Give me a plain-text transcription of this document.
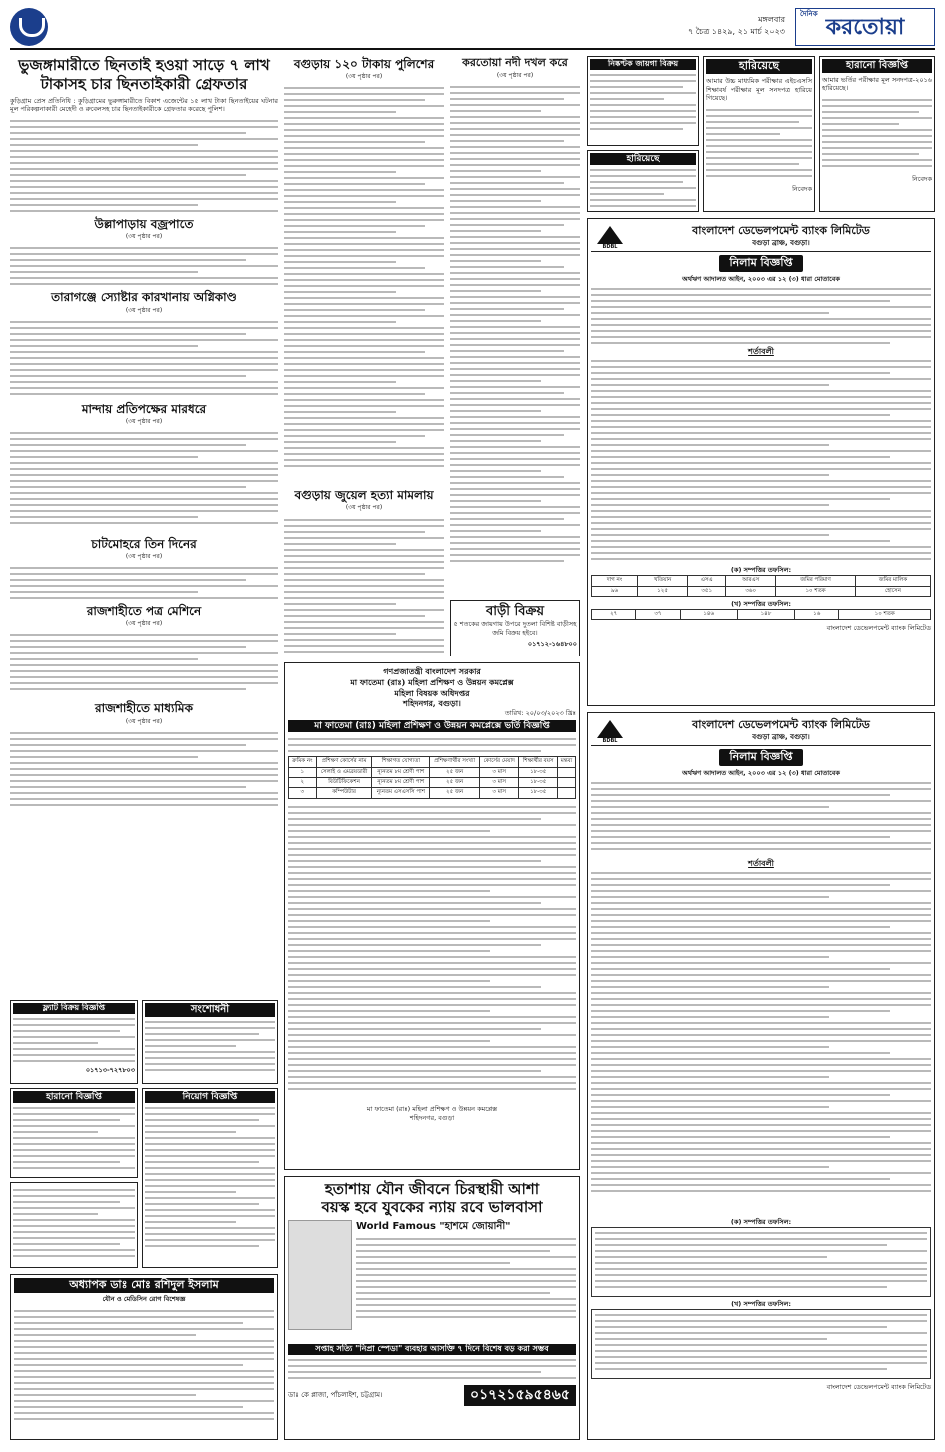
মঙ্গলবার
৭ চৈত্র ১৪২৯, ২১ মার্চ ২০২৩
দৈনিক
করতোয়া
ভুজঙ্গামারীতে ছিনতাই হওয়া সাড়ে ৭ লাখ টাকাসহ চার ছিনতাইকারী গ্রেফতার

কুড়িগ্রাম প্রেস প্রতিনিধি : কুড়িগ্রামের ভুরুঙ্গামারীতে বিকাশ এজেন্টের ১৫ লাখ টাকা ছিনতাইয়ের ঘটনার মূল পরিকল্পনাকারী মেহেদী ও রুবেলসহ চার ছিনতাইকারীকে গ্রেফতার করেছে পুলিশ।

উল্লাপাড়ায় বজ্রপাতে
(৩য় পৃষ্ঠার পর)
তারাগঞ্জে স্যোষ্টার কারখানায় অগ্নিকাণ্ড
(৩য় পৃষ্ঠার পর)
মান্দায় প্রতিপক্ষের মারধরে
(৩য় পৃষ্ঠার পর)
চাটমোহরে তিন দিনের
(৩য় পৃষ্ঠার পর)
রাজশাহীতে পত্র মেশিনে
(৩য় পৃষ্ঠার পর)
রাজশাহীতে মাধ্যমিক
(৩য় পৃষ্ঠার পর)
বগুড়ায় ১২০ টাকায় পুলিশের
(৩য় পৃষ্ঠার পর)
বগুড়ায় জুয়েল হত্যা মামলায়
(৩য় পৃষ্ঠার পর)
করতোয়া নদী দখল করে
(৩য় পৃষ্ঠার পর)
বাড়ী বিক্রয়

৫ শতকের জায়গায় উপরে দুতলা বিশিষ্ট বাড়ীসহ জমি বিক্রয় হইবে।

০১৭১২-১৬৪৮০০
নিষ্কণ্টক জায়গা বিক্রয়
হারিয়েছে
হারিয়েছে

আমার উচ্চ মাধ্যমিক পরীক্ষার এইচএসসি শিক্ষাবর্ষ পরীক্ষার মূল সনদপত্র হারিয়ে গিয়েছে।

নিবেদক
হারানো বিজ্ঞপ্তি

আমার ভর্তির পরীক্ষার মূল সনদপত্র-২০১৬ হারিয়েছে।

নিবেদক
BDBL
বাংলাদেশ ডেভেলপমেন্ট ব্যাংক লিমিটেড
বগুড়া ব্রাঞ্চ, বগুড়া।
নিলাম বিজ্ঞপ্তি
অর্থঋণ আদালত আইন, ২০০৩ এর ১২ (৩) ধারা মোতাবেক
শর্তাবলী
(ক) সম্পত্তির তফসিল:
দাগ নং	খতিয়ান	এসএ	আরএস	জমির পরিমাণ	জমির মালিক
৯৬	১২৫	৩৫১	৩৬০	১০ শতক	হোসেন
(খ) সম্পত্তির তফসিল:
২৭	৩৭	১৪৬	১৪৮	১৬	১০ শতক
বাংলাদেশ ডেভেলপমেন্ট ব্যাংক লিমিটেড
গণপ্রজাতন্ত্রী বাংলাদেশ সরকার
মা ফাতেমা (রাঃ) মহিলা প্রশিক্ষণ ও উন্নয়ন কমপ্লেক্স
মহিলা বিষয়ক অধিদপ্তর
শহিদনগর, বগুড়া।
তারিখ: ২০/০৩/২০২৩ খ্রিঃ
মা ফাতেমা (রাঃ) মহিলা প্রশিক্ষণ ও উন্নয়ন কমপ্লেক্সে ভর্তি বিজ্ঞপ্তি
ক্রমিক নং	প্রশিক্ষণ কোর্সের নাম	শিক্ষাগত যোগ্যতা	প্রশিক্ষণার্থীর সংখ্যা	কোর্সের মেয়াদ	শিক্ষার্থীর বয়স	মন্তব্য
১	সেলাই ও এমব্রয়ডারী	ন্যূনতম ৮ম শ্রেণী পাশ	২৫ জন	৩ মাস	১৮-৩৫	
২	বিউটিফিকেশন	ন্যূনতম ৮ম শ্রেণী পাশ	২৫ জন	৩ মাস	১৮-৩৫	
৩	কম্পিউটার	ন্যূনতম এসএসসি পাশ	২৫ জন	৩ মাস	১৮-৩৫	
মা ফাতেমা (রাঃ) মহিলা প্রশিক্ষণ ও উন্নয়ন কমপ্লেক্স
শহিদনগর, বগুড়া
হতাশায় যৌন জীবনে চিরস্থায়ী আশা
বয়স্ক হবে যুবকের ন্যায় রবে ভালবাসা
World Famous "হাশমে জোয়ানী"
সপ্তাহ সত্যি "নিপ্রা স্পেডা" ব্যবহার আসক্তি ৭ দিনে বিশেষ বড় করা সম্ভব
ডাঃ কে প্লাজা, পাঁচলাইশ, চট্টগ্রাম।	০১৭২১৫৯৫৪৬৫
BDBL
বাংলাদেশ ডেভেলপমেন্ট ব্যাংক লিমিটেড
বগুড়া ব্রাঞ্চ, বগুড়া।
নিলাম বিজ্ঞপ্তি
অর্থঋণ আদালত আইন, ২০০৩ এর ১২ (৩) ধারা মোতাবেক
শর্তাবলী
(ক) সম্পত্তির তফসিল:
(খ) সম্পত্তির তফসিল:
বাংলাদেশ ডেভেলপমেন্ট ব্যাংক লিমিটেড
ফ্ল্যাট বিক্রয় বিজ্ঞপ্তি
০১৭১৩-৭২৭৮০৩
সংশোধনী
হারানো বিজ্ঞপ্তি	নিয়োগ বিজ্ঞপ্তি
অধ্যাপক ডাঃ মোঃ রশিদুল ইসলাম
যৌন ও মেডিসিন রোগ বিশেষজ্ঞ
